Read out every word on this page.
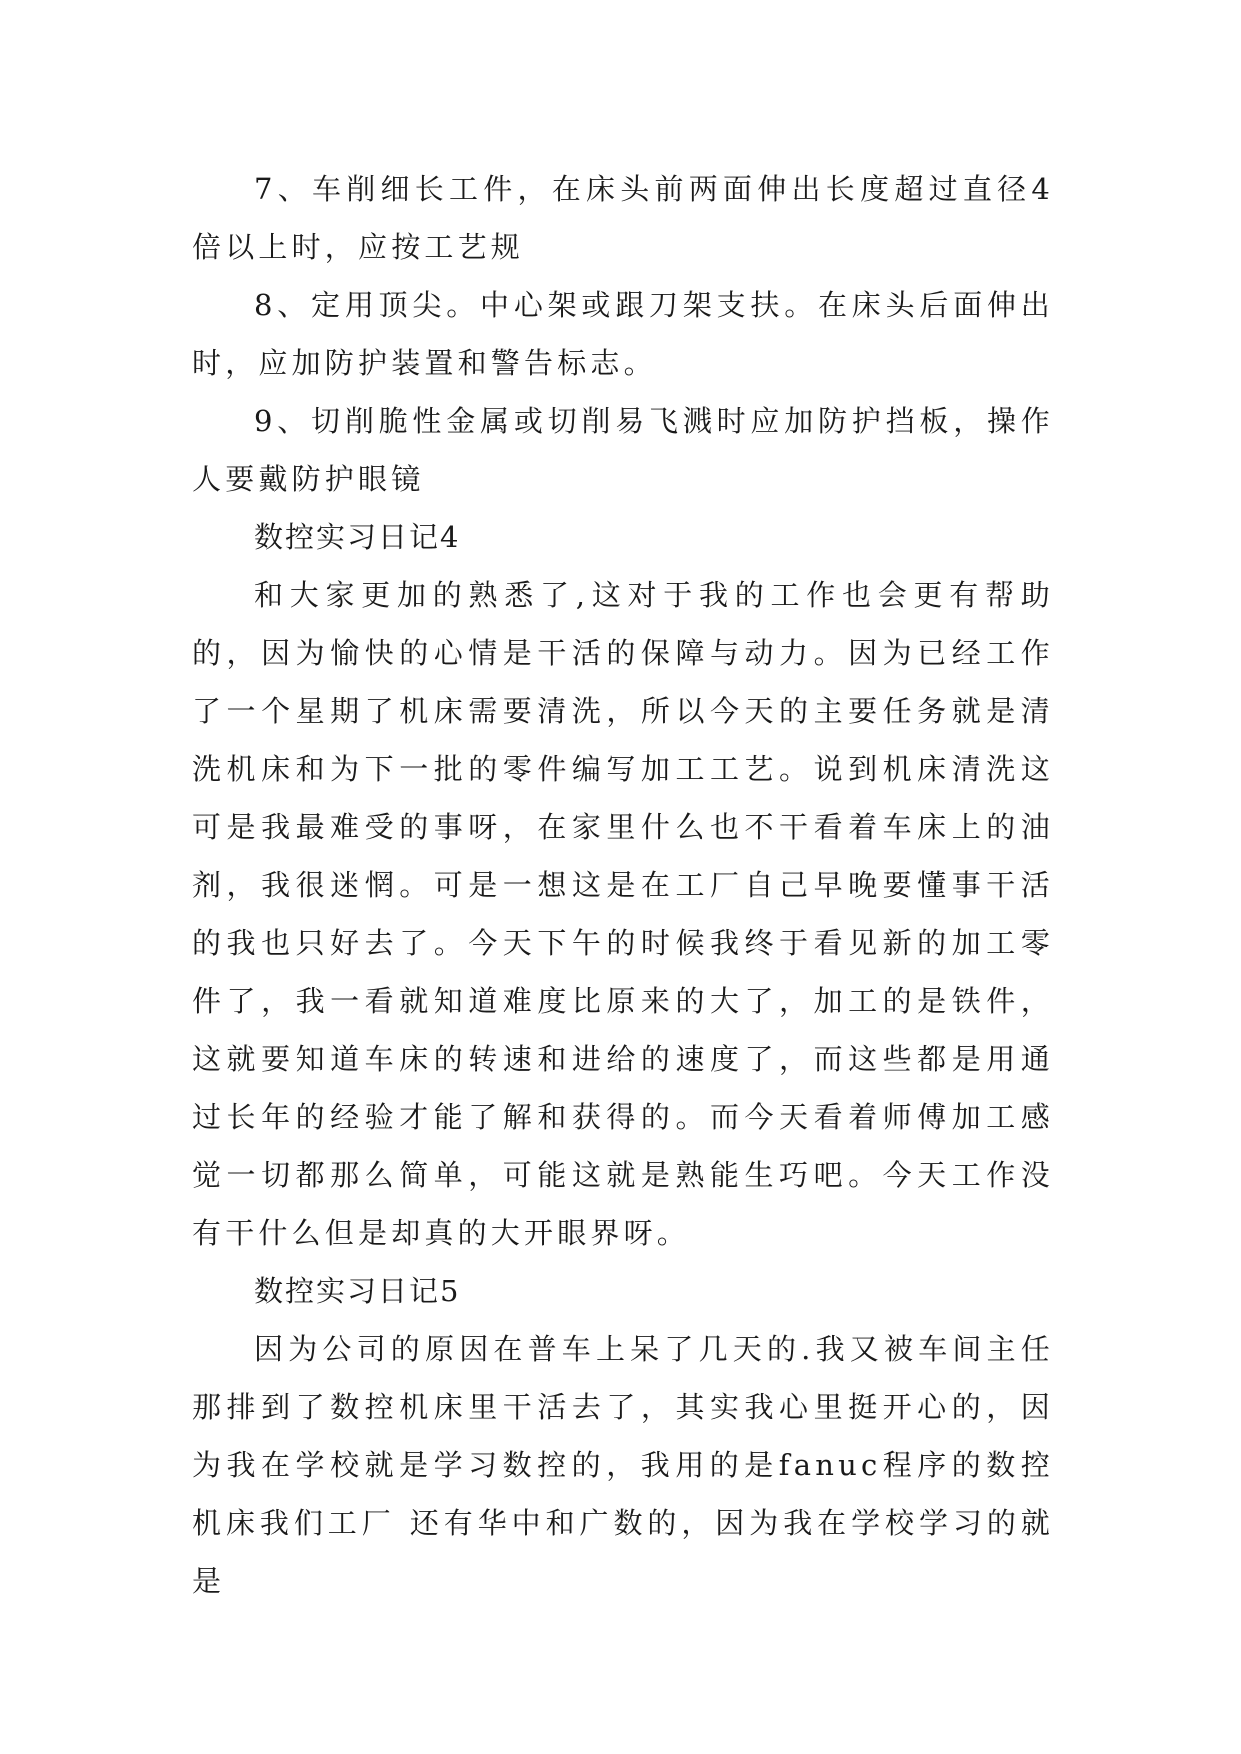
7、车削细长工件，在床头前两面伸出长度超过直径4倍以上时，应按工艺规

8、定用顶尖。中心架或跟刀架支扶。在床头后面伸出时，应加防护装置和警告标志。

9、切削脆性金属或切削易飞溅时应加防护挡板，操作人要戴防护眼镜

数控实习日记4

和大家更加的熟悉了,这对于我的工作也会更有帮助的，因为愉快的心情是干活的保障与动力。因为已经工作了一个星期了机床需要清洗，所以今天的主要任务就是清洗机床和为下一批的零件编写加工工艺。说到机床清洗这可是我最难受的事呀，在家里什么也不干看着车床上的油剂，我很迷惘。可是一想这是在工厂自己早晚要懂事干活的我也只好去了。今天下午的时候我终于看见新的加工零件了，我一看就知道难度比原来的大了，加工的是铁件，这就要知道车床的转速和进给的速度了，而这些都是用通过长年的经验才能了解和获得的。而今天看着师傅加工感觉一切都那么简单，可能这就是熟能生巧吧。今天工作没有干什么但是却真的大开眼界呀。

数控实习日记5

因为公司的原因在普车上呆了几天的.我又被车间主任那排到了数控机床里干活去了，其实我心里挺开心的，因为我在学校就是学习数控的，我用的是fanuc程序的数控机床我们工厂 还有华中和广数的，因为我在学校学习的就是
